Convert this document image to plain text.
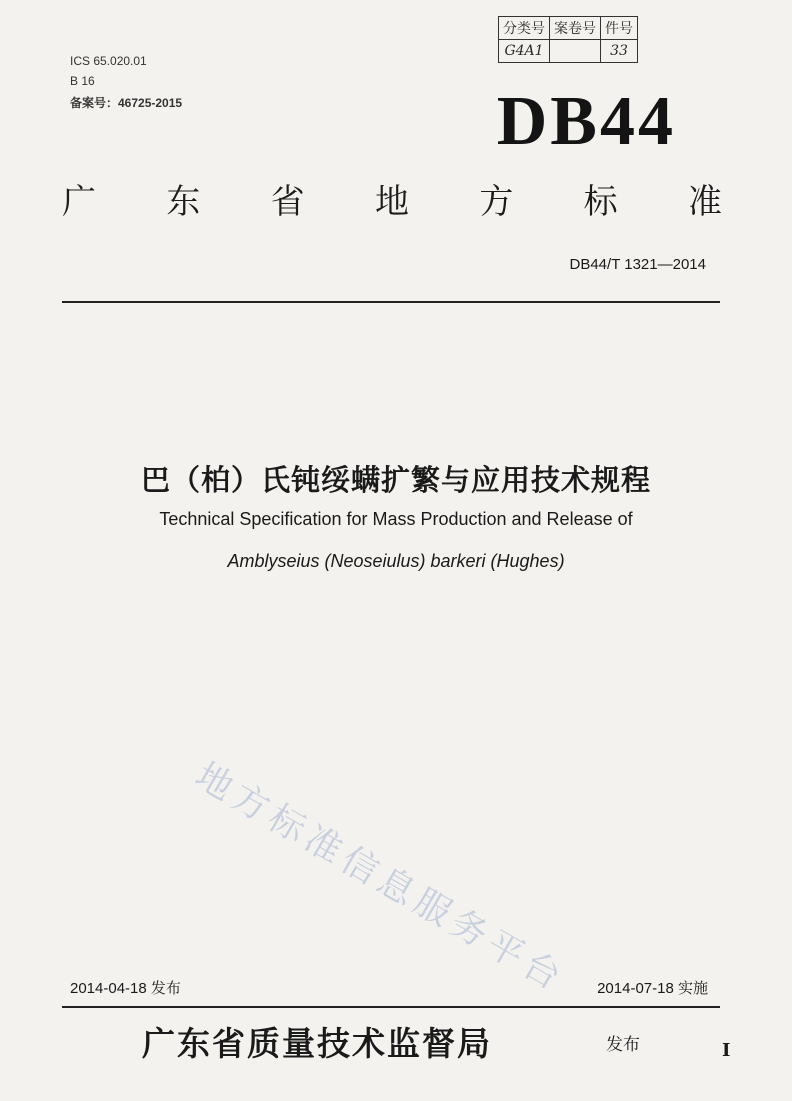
分类号	案卷号	件号
G4A1		33
ICS 65.020.01
B 16
备案号：46725-2015	DB44
广 东 省 地 方 标 准
DB44/T 1321—2014
巴（柏）氏钝绥螨扩繁与应用技术规程
Technical Specification for Mass Production and Release of
Amblyseius (Neoseiulus) barkeri (Hughes)
地方标准信息服务平台
2014-04-18 发布	2014-07-18 实施
广东省质量技术监督局	发布	I
